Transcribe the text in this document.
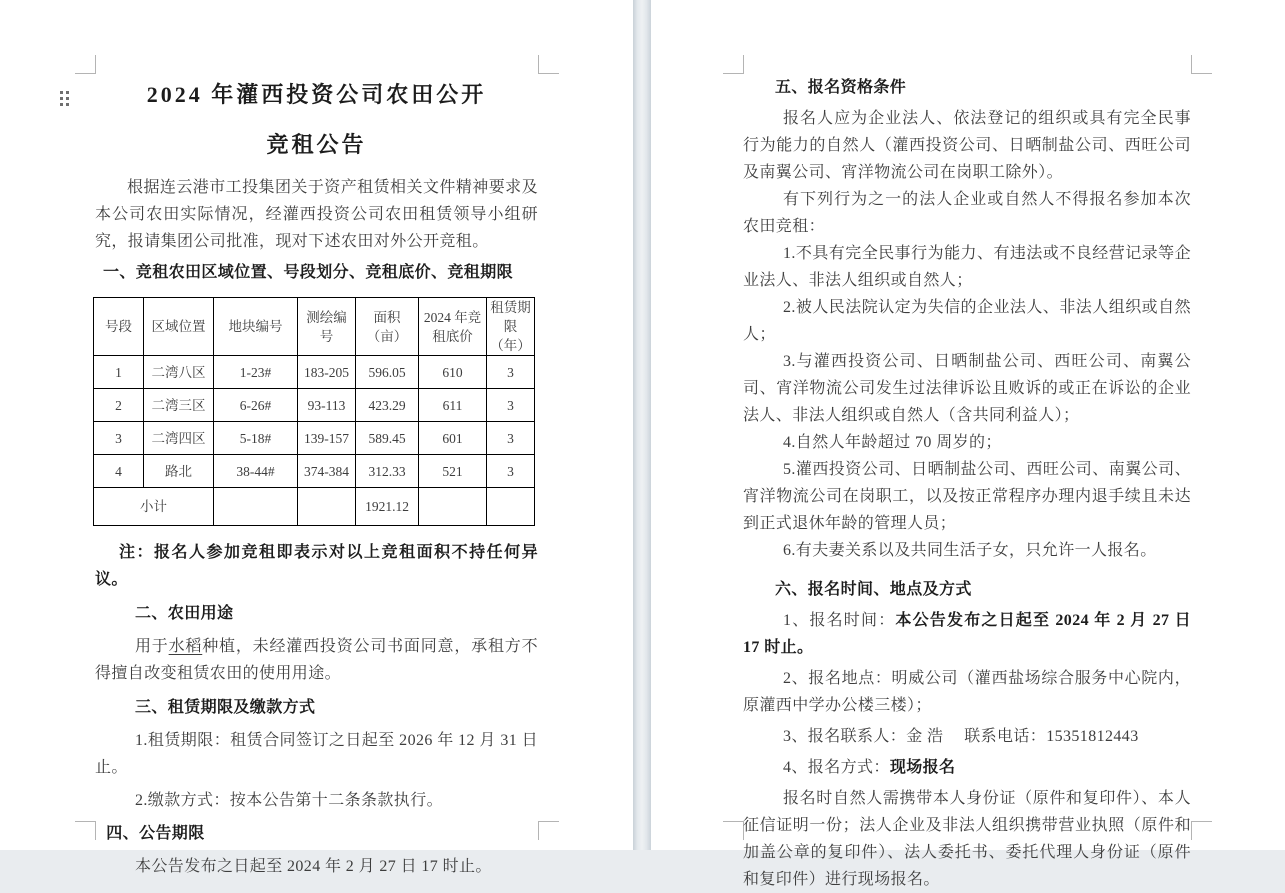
2024 年灌西投资公司农田公开

竞租公告

根据连云港市工投集团关于资产租赁相关文件精神要求及本公司农田实际情况，经灌西投资公司农田租赁领导小组研究，报请集团公司批准，现对下述农田对外公开竞租。

一、竞租农田区域位置、号段划分、竞租底价、竞租期限

号段	区域位置	地块编号	测绘编号	面积（亩）	2024 年竞租底价	租赁期限（年）
1	二湾八区	1-23#	183-205	596.05	610	3
2	二湾三区	6-26#	93-113	423.29	611	3
3	二湾四区	5-18#	139-157	589.45	601	3
4	路北	38-44#	374-384	312.33	521	3
小计				1921.12		

注：报名人参加竞租即表示对以上竞租面积不持任何异议。

二、农田用途

用于水稻种植，未经灌西投资公司书面同意，承租方不得擅自改变租赁农田的使用用途。

三、租赁期限及缴款方式

1.租赁期限：租赁合同签订之日起至 2026 年 12 月 31 日止。

2.缴款方式：按本公告第十二条条款执行。

四、公告期限

本公告发布之日起至 2024 年 2 月 27 日 17 时止。

五、报名资格条件

报名人应为企业法人、依法登记的组织或具有完全民事行为能力的自然人（灌西投资公司、日晒制盐公司、西旺公司及南翼公司、宵洋物流公司在岗职工除外）。

有下列行为之一的法人企业或自然人不得报名参加本次农田竞租：

1.不具有完全民事行为能力、有违法或不良经营记录等企业法人、非法人组织或自然人；

2.被人民法院认定为失信的企业法人、非法人组织或自然人；

3.与灌西投资公司、日晒制盐公司、西旺公司、南翼公司、宵洋物流公司发生过法律诉讼且败诉的或正在诉讼的企业法人、非法人组织或自然人（含共同利益人）；

4.自然人年龄超过 70 周岁的；

5.灌西投资公司、日晒制盐公司、西旺公司、南翼公司、宵洋物流公司在岗职工，以及按正常程序办理内退手续且未达到正式退休年龄的管理人员；

6.有夫妻关系以及共同生活子女，只允许一人报名。

六、报名时间、地点及方式

1、报名时间：本公告发布之日起至 2024 年 2 月 27 日 17 时止。

2、报名地点：明威公司（灌西盐场综合服务中心院内，原灌西中学办公楼三楼）；

3、报名联系人：金 浩　 联系电话：15351812443

4、报名方式：现场报名

报名时自然人需携带本人身份证（原件和复印件）、本人征信证明一份；法人企业及非法人组织携带营业执照（原件和加盖公章的复印件）、法人委托书、委托代理人身份证（原件和复印件）进行现场报名。
